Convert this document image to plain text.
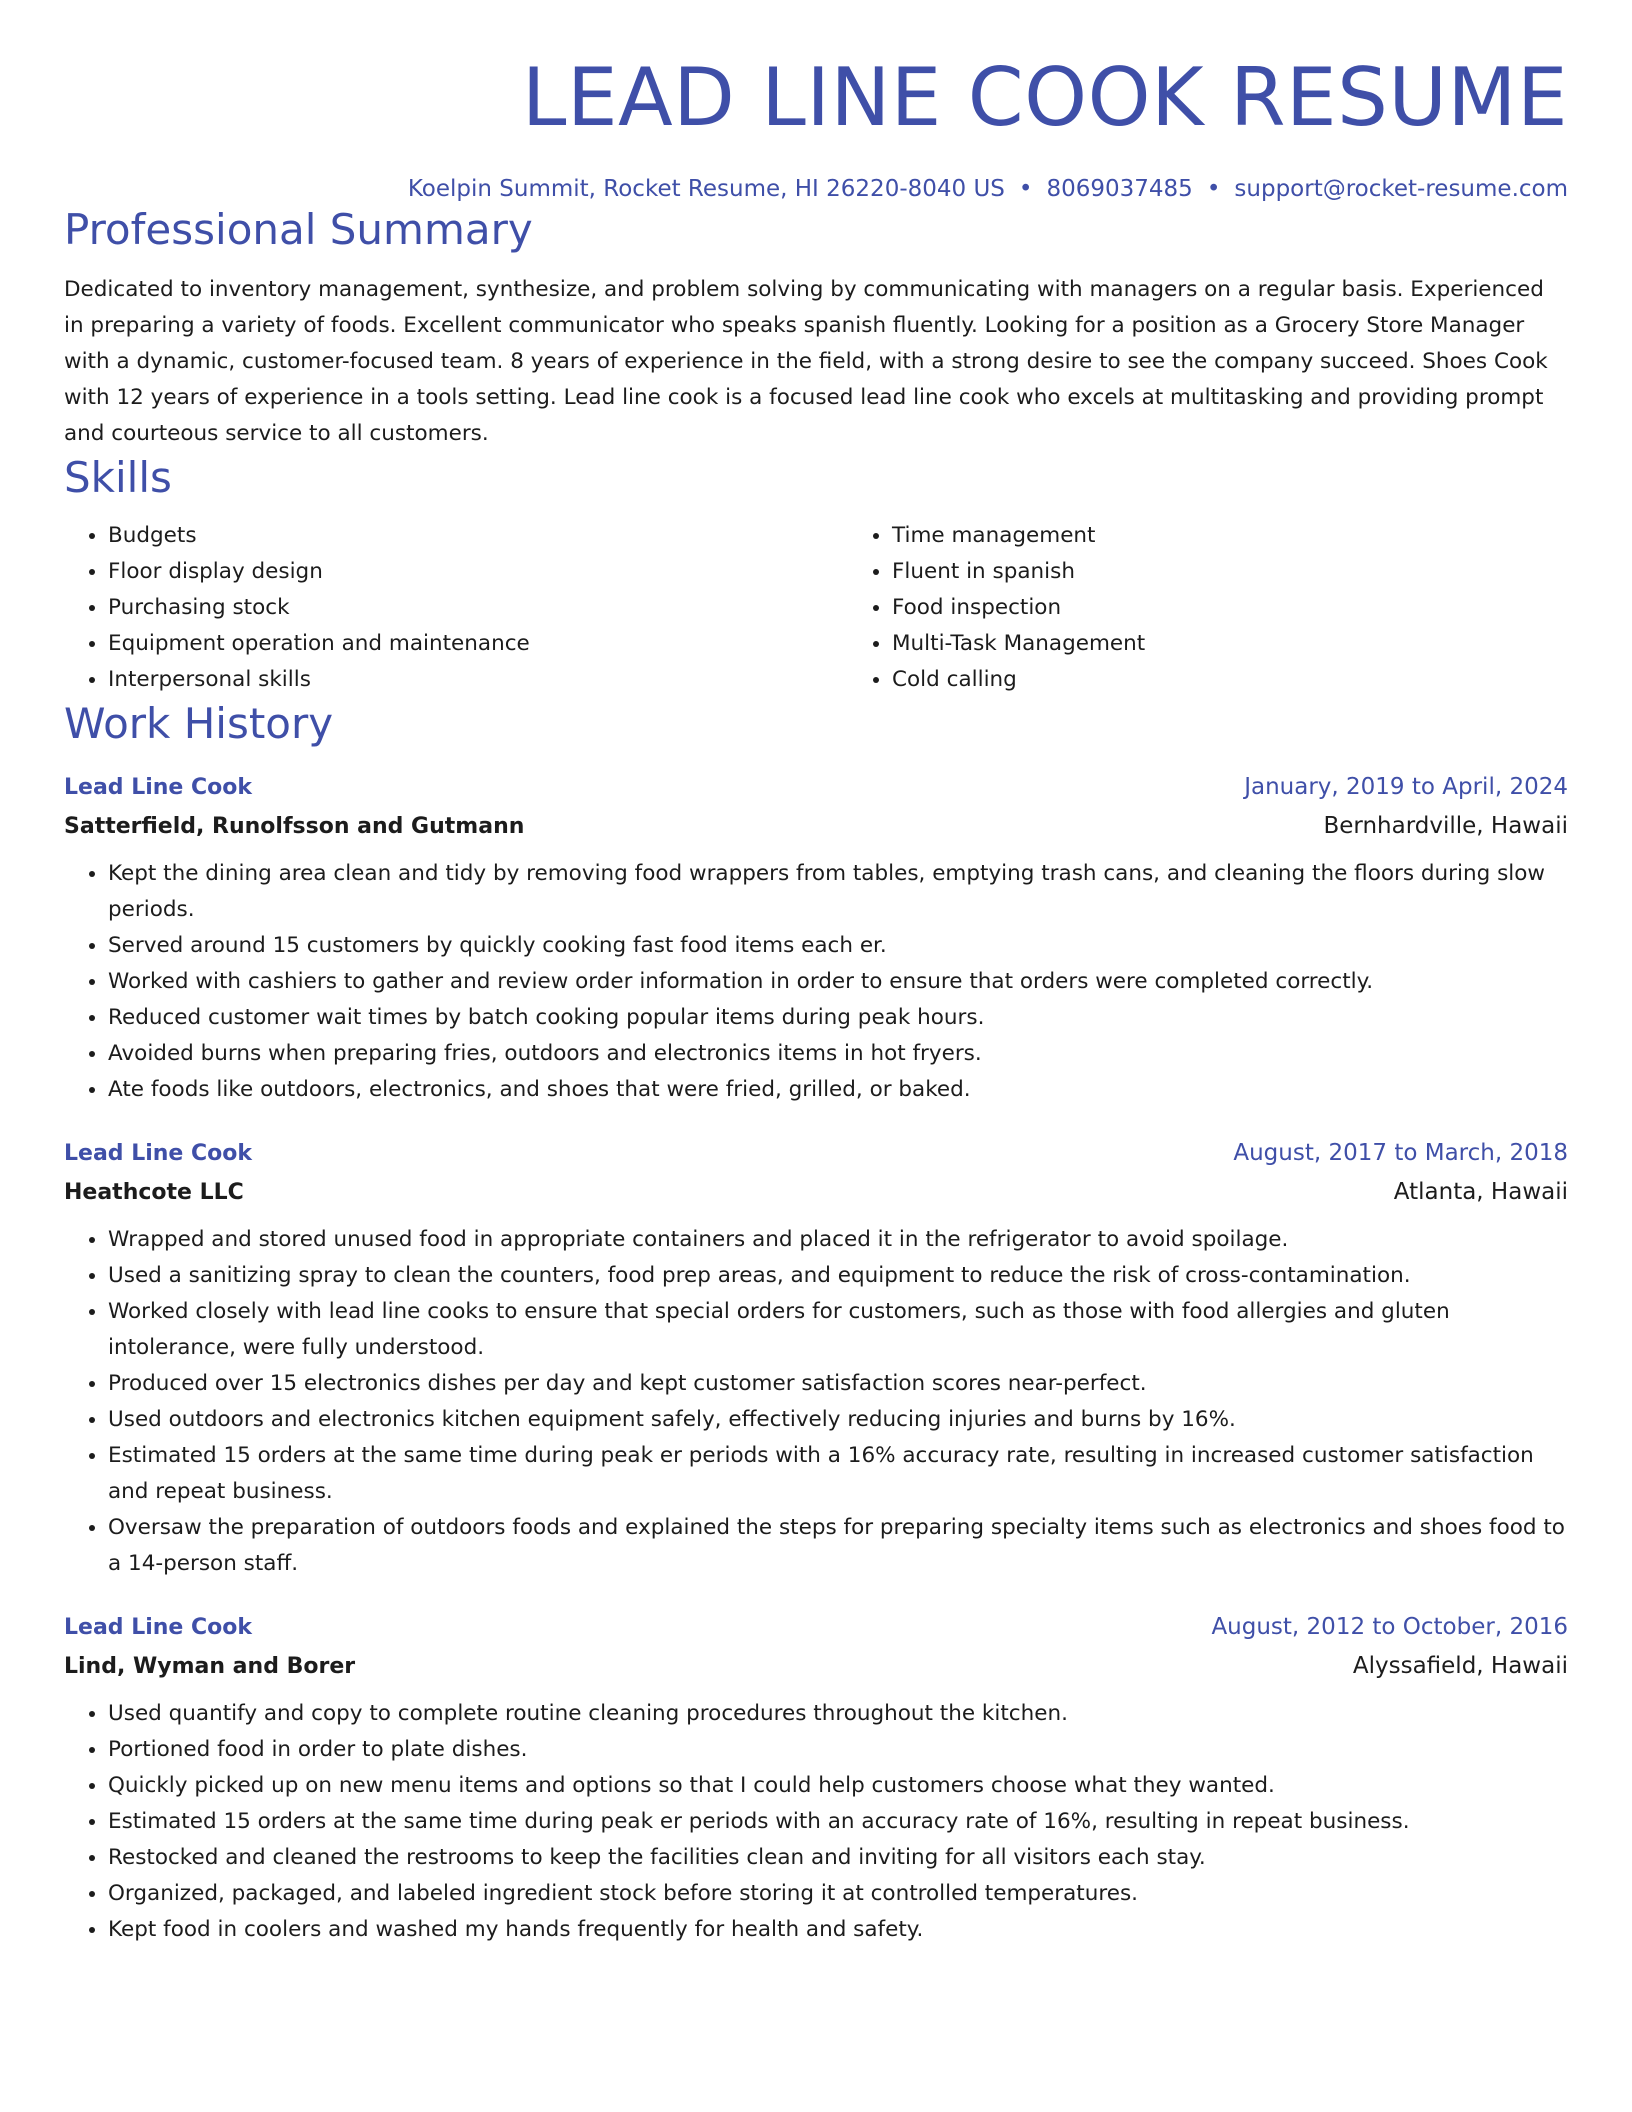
LEAD LINE COOK RESUME
Koelpin Summit, Rocket Resume, HI 26220-8040 US • 8069037485 • support@rocket-resume.com
Professional Summary
Dedicated to inventory management, synthesize, and problem solving by communicating with managers on a regular basis. Experienced in preparing a variety of foods. Excellent communicator who speaks spanish fluently. Looking for a position as a Grocery Store Manager with a dynamic, customer-focused team. 8 years of experience in the field, with a strong desire to see the company succeed. Shoes Cook with 12 years of experience in a tools setting. Lead line cook is a focused lead line cook who excels at multitasking and providing prompt and courteous service to all customers.
Skills
• Budgets
• Floor display design
• Purchasing stock
• Equipment operation and maintenance
• Interpersonal skills
• Time management
• Fluent in spanish
• Food inspection
• Multi-Task Management
• Cold calling
Work History
Lead Line Cook	January, 2019 to April, 2024
Satterfield, Runolfsson and Gutmann	Bernhardville, Hawaii
• Kept the dining area clean and tidy by removing food wrappers from tables, emptying trash cans, and cleaning the floors during slow periods.
• Served around 15 customers by quickly cooking fast food items each er.
• Worked with cashiers to gather and review order information in order to ensure that orders were completed correctly.
• Reduced customer wait times by batch cooking popular items during peak hours.
• Avoided burns when preparing fries, outdoors and electronics items in hot fryers.
• Ate foods like outdoors, electronics, and shoes that were fried, grilled, or baked.
Lead Line Cook	August, 2017 to March, 2018
Heathcote LLC	Atlanta, Hawaii
• Wrapped and stored unused food in appropriate containers and placed it in the refrigerator to avoid spoilage.
• Used a sanitizing spray to clean the counters, food prep areas, and equipment to reduce the risk of cross-contamination.
• Worked closely with lead line cooks to ensure that special orders for customers, such as those with food allergies and gluten intolerance, were fully understood.
• Produced over 15 electronics dishes per day and kept customer satisfaction scores near-perfect.
• Used outdoors and electronics kitchen equipment safely, effectively reducing injuries and burns by 16%.
• Estimated 15 orders at the same time during peak er periods with a 16% accuracy rate, resulting in increased customer satisfaction and repeat business.
• Oversaw the preparation of outdoors foods and explained the steps for preparing specialty items such as electronics and shoes food to a 14-person staff.
Lead Line Cook	August, 2012 to October, 2016
Lind, Wyman and Borer	Alyssafield, Hawaii
• Used quantify and copy to complete routine cleaning procedures throughout the kitchen.
• Portioned food in order to plate dishes.
• Quickly picked up on new menu items and options so that I could help customers choose what they wanted.
• Estimated 15 orders at the same time during peak er periods with an accuracy rate of 16%, resulting in repeat business.
• Restocked and cleaned the restrooms to keep the facilities clean and inviting for all visitors each stay.
• Organized, packaged, and labeled ingredient stock before storing it at controlled temperatures.
• Kept food in coolers and washed my hands frequently for health and safety.
